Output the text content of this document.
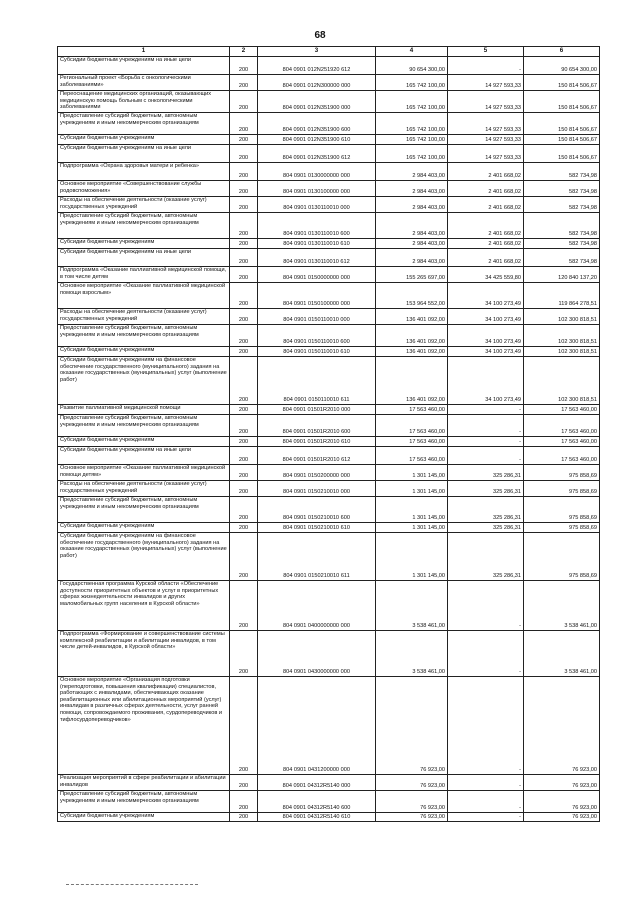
68
1	2	3	4	5	6
Субсидии бюджетным учреждениям на иные цели	200	804 0901 012N251920 612	90 654 300,00	-	90 654 300,00
Региональный проект «Борьба с онкологическими заболеваниями»	200	804 0901 012N300000 000	165 742 100,00	14 927 593,33	150 814 506,67
Переоснащение медицинских организаций, оказывающих медицинскую помощь больным с онкологическими заболеваниями	200	804 0901 012N351900 000	165 742 100,00	14 927 593,33	150 814 506,67
Предоставление субсидий бюджетным, автономным учреждениям и иным некоммерческим организациям	200	804 0901 012N351900 600	165 742 100,00	14 927 593,33	150 814 506,67
Субсидии бюджетным учреждениям	200	804 0901 012N351900 610	165 742 100,00	14 927 593,33	150 814 506,67
Субсидии бюджетным учреждениям на иные цели	200	804 0901 012N351900 612	165 742 100,00	14 927 593,33	150 814 506,67
Подпрограмма «Охрана здоровья матери и ребенка»	200	804 0901 0130000000 000	2 984 403,00	2 401 668,02	582 734,98
Основное мероприятие «Совершенствование службы родовспоможения»	200	804 0901 0130100000 000	2 984 403,00	2 401 668,02	582 734,98
Расходы на обеспечение деятельности (оказание услуг) государственных учреждений	200	804 0901 0130110010 000	2 984 403,00	2 401 668,02	582 734,98
Предоставление субсидий бюджетным, автономным учреждениям и иным некоммерческим организациям	200	804 0901 0130110010 600	2 984 403,00	2 401 668,02	582 734,98
Субсидии бюджетным учреждениям	200	804 0901 0130110010 610	2 984 403,00	2 401 668,02	582 734,98
Субсидии бюджетным учреждениям на иные цели	200	804 0901 0130110010 612	2 984 403,00	2 401 668,02	582 734,98
Подпрограмма «Оказание паллиативной медицинской помощи, в том числе детям	200	804 0901 0150000000 000	155 265 697,00	34 425 559,80	120 840 137,20
Основное мероприятие «Оказание паллиативной медицинской помощи взрослым»	200	804 0901 0150100000 000	153 964 552,00	34 100 273,49	119 864 278,51
Расходы на обеспечение деятельности (оказание услуг) государственных учреждений	200	804 0901 0150110010 000	136 401 092,00	34 100 273,49	102 300 818,51
Предоставление субсидий бюджетным, автономным учреждениям и иным некоммерческим организациям	200	804 0901 0150110010 600	136 401 092,00	34 100 273,49	102 300 818,51
Субсидии бюджетным учреждениям	200	804 0901 0150110010 610	136 401 092,00	34 100 273,49	102 300 818,51
Субсидии бюджетным учреждениям на финансовое обеспечение государственного (муниципального) задания на оказание государственных (муниципальных) услуг (выполнение работ)	200	804 0901 0150110010 611	136 401 092,00	34 100 273,49	102 300 818,51
Развитие паллиативной медицинской помощи	200	804 0901 01501R2010 000	17 563 460,00	-	17 563 460,00
Предоставление субсидий бюджетным, автономным учреждениям и иным некоммерческим организациям	200	804 0901 01501R2010 600	17 563 460,00	-	17 563 460,00
Субсидии бюджетным учреждениям	200	804 0901 01501R2010 610	17 563 460,00	-	17 563 460,00
Субсидии бюджетным учреждениям на иные цели	200	804 0901 01501R2010 612	17 563 460,00	-	17 563 460,00
Основное мероприятие «Оказание паллиативной медицинской помощи детям»	200	804 0901 0150200000 000	1 301 145,00	325 286,31	975 858,69
Расходы на обеспечение деятельности (оказание услуг) государственных учреждений	200	804 0901 0150210010 000	1 301 145,00	325 286,31	975 858,69
Предоставление субсидий бюджетным, автономным учреждениям и иным некоммерческим организациям	200	804 0901 0150210010 600	1 301 145,00	325 286,31	975 858,69
Субсидии бюджетным учреждениям	200	804 0901 0150210010 610	1 301 145,00	325 286,31	975 858,69
Субсидии бюджетным учреждениям на финансовое обеспечение государственного (муниципального) задания на оказание государственных (муниципальных) услуг (выполнение работ)	200	804 0901 0150210010 611	1 301 145,00	325 286,31	975 858,69
Государственная программа Курской области «Обеспечение доступности приоритетных объектов и услуг в приоритетных сферах жизнедеятельности инвалидов и других маломобильных групп населения в Курской области»	200	804 0901 0400000000 000	3 538 461,00	-	3 538 461,00
Подпрограмма «Формирование и совершенствование системы комплексной реабилитации и абилитации инвалидов, в том числе детей-инвалидов, в Курской области»	200	804 0901 0430000000 000	3 538 461,00	-	3 538 461,00
Основное мероприятие «Организация подготовки (переподготовки, повышения квалификации) специалистов, работающих с инвалидами, обеспечивающих оказание реабилитационных или абилитационных мероприятий (услуг) инвалидам в различных сферах деятельности, услуг ранней помощи, сопровождаемого проживания, сурдопереводчиков и тифлосурдопереводчиков»	200	804 0901 0431200000 000	76 923,00	-	76 923,00
Реализация мероприятий в сфере реабилитации и абилитации инвалидов	200	804 0901 04312R5140 000	76 923,00	-	76 923,00
Предоставление субсидий бюджетным, автономным учреждениям и иным некоммерческим организациям	200	804 0901 04312R5140 600	76 923,00	-	76 923,00
Субсидии бюджетным учреждениям	200	804 0901 04312R5140 610	76 923,00	-	76 923,00
